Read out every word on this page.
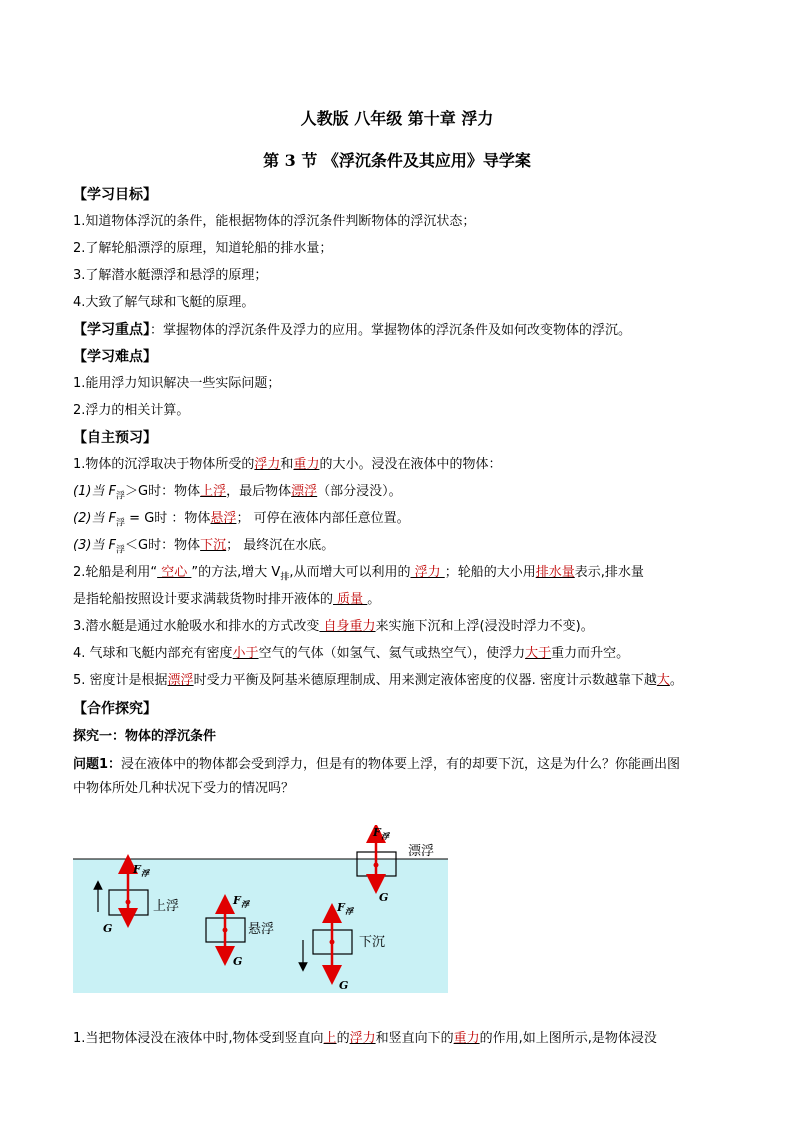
人教版 八年级 第十章 浮力
第 3 节 《浮沉条件及其应用》导学案
【学习目标】
1.知道物体浮沉的条件，能根据物体的浮沉条件判断物体的浮沉状态；
2.了解轮船漂浮的原理，知道轮船的排水量；
3.了解潜水艇漂浮和悬浮的原理；
4.大致了解气球和飞艇的原理。
【学习重点】：掌握物体的浮沉条件及浮力的应用。掌握物体的浮沉条件及如何改变物体的浮沉。
【学习难点】
1.能用浮力知识解决一些实际问题；
2.浮力的相关计算。
【自主预习】
1.物体的沉浮取决于物体所受的浮力和重力的大小。浸没在液体中的物体：
(1)当 $F_浮>G$时：物体上浮，最后物体漂浮（部分浸没）。
(2)当 $F_浮 = G$时 ：物体悬浮； 可停在液体内部任意位置。
(3)当 $F_浮<G$时：物体下沉； 最终沉在水底。
2.轮船是利用“ 空心 ”的方法,增大 $V_排$,从而增大可以利用的 浮力 ；轮船的大小用排水量表示,排水量
是指轮船按照设计要求满载货物时排开液体的 质量 。
3.潜水艇是通过水舱吸水和排水的方式改变 自身重力来实施下沉和上浮(浸没时浮力不变)。
4. 气球和飞艇内部充有密度小于空气的气体（如氢气、氦气或热空气），使浮力大于重力而升空。
5. 密度计是根据漂浮时受力平衡及阿基米德原理制成、用来测定液体密度的仪器. 密度计示数越靠下越大。
【合作探究】
探究一：物体的浮沉条件
问题1：浸在液体中的物体都会受到浮力，但是有的物体要上浮，有的却要下沉，这是为什么？你能画出图
中物体所处几种状况下受力的情况吗？
F 浮
G
漂浮
F 浮
G
上浮	F 浮
G
悬浮
F 浮
G
下沉
1.当把物体浸没在液体中时,物体受到竖直向上的浮力和竖直向下的重力的作用,如上图所示,是物体浸没
